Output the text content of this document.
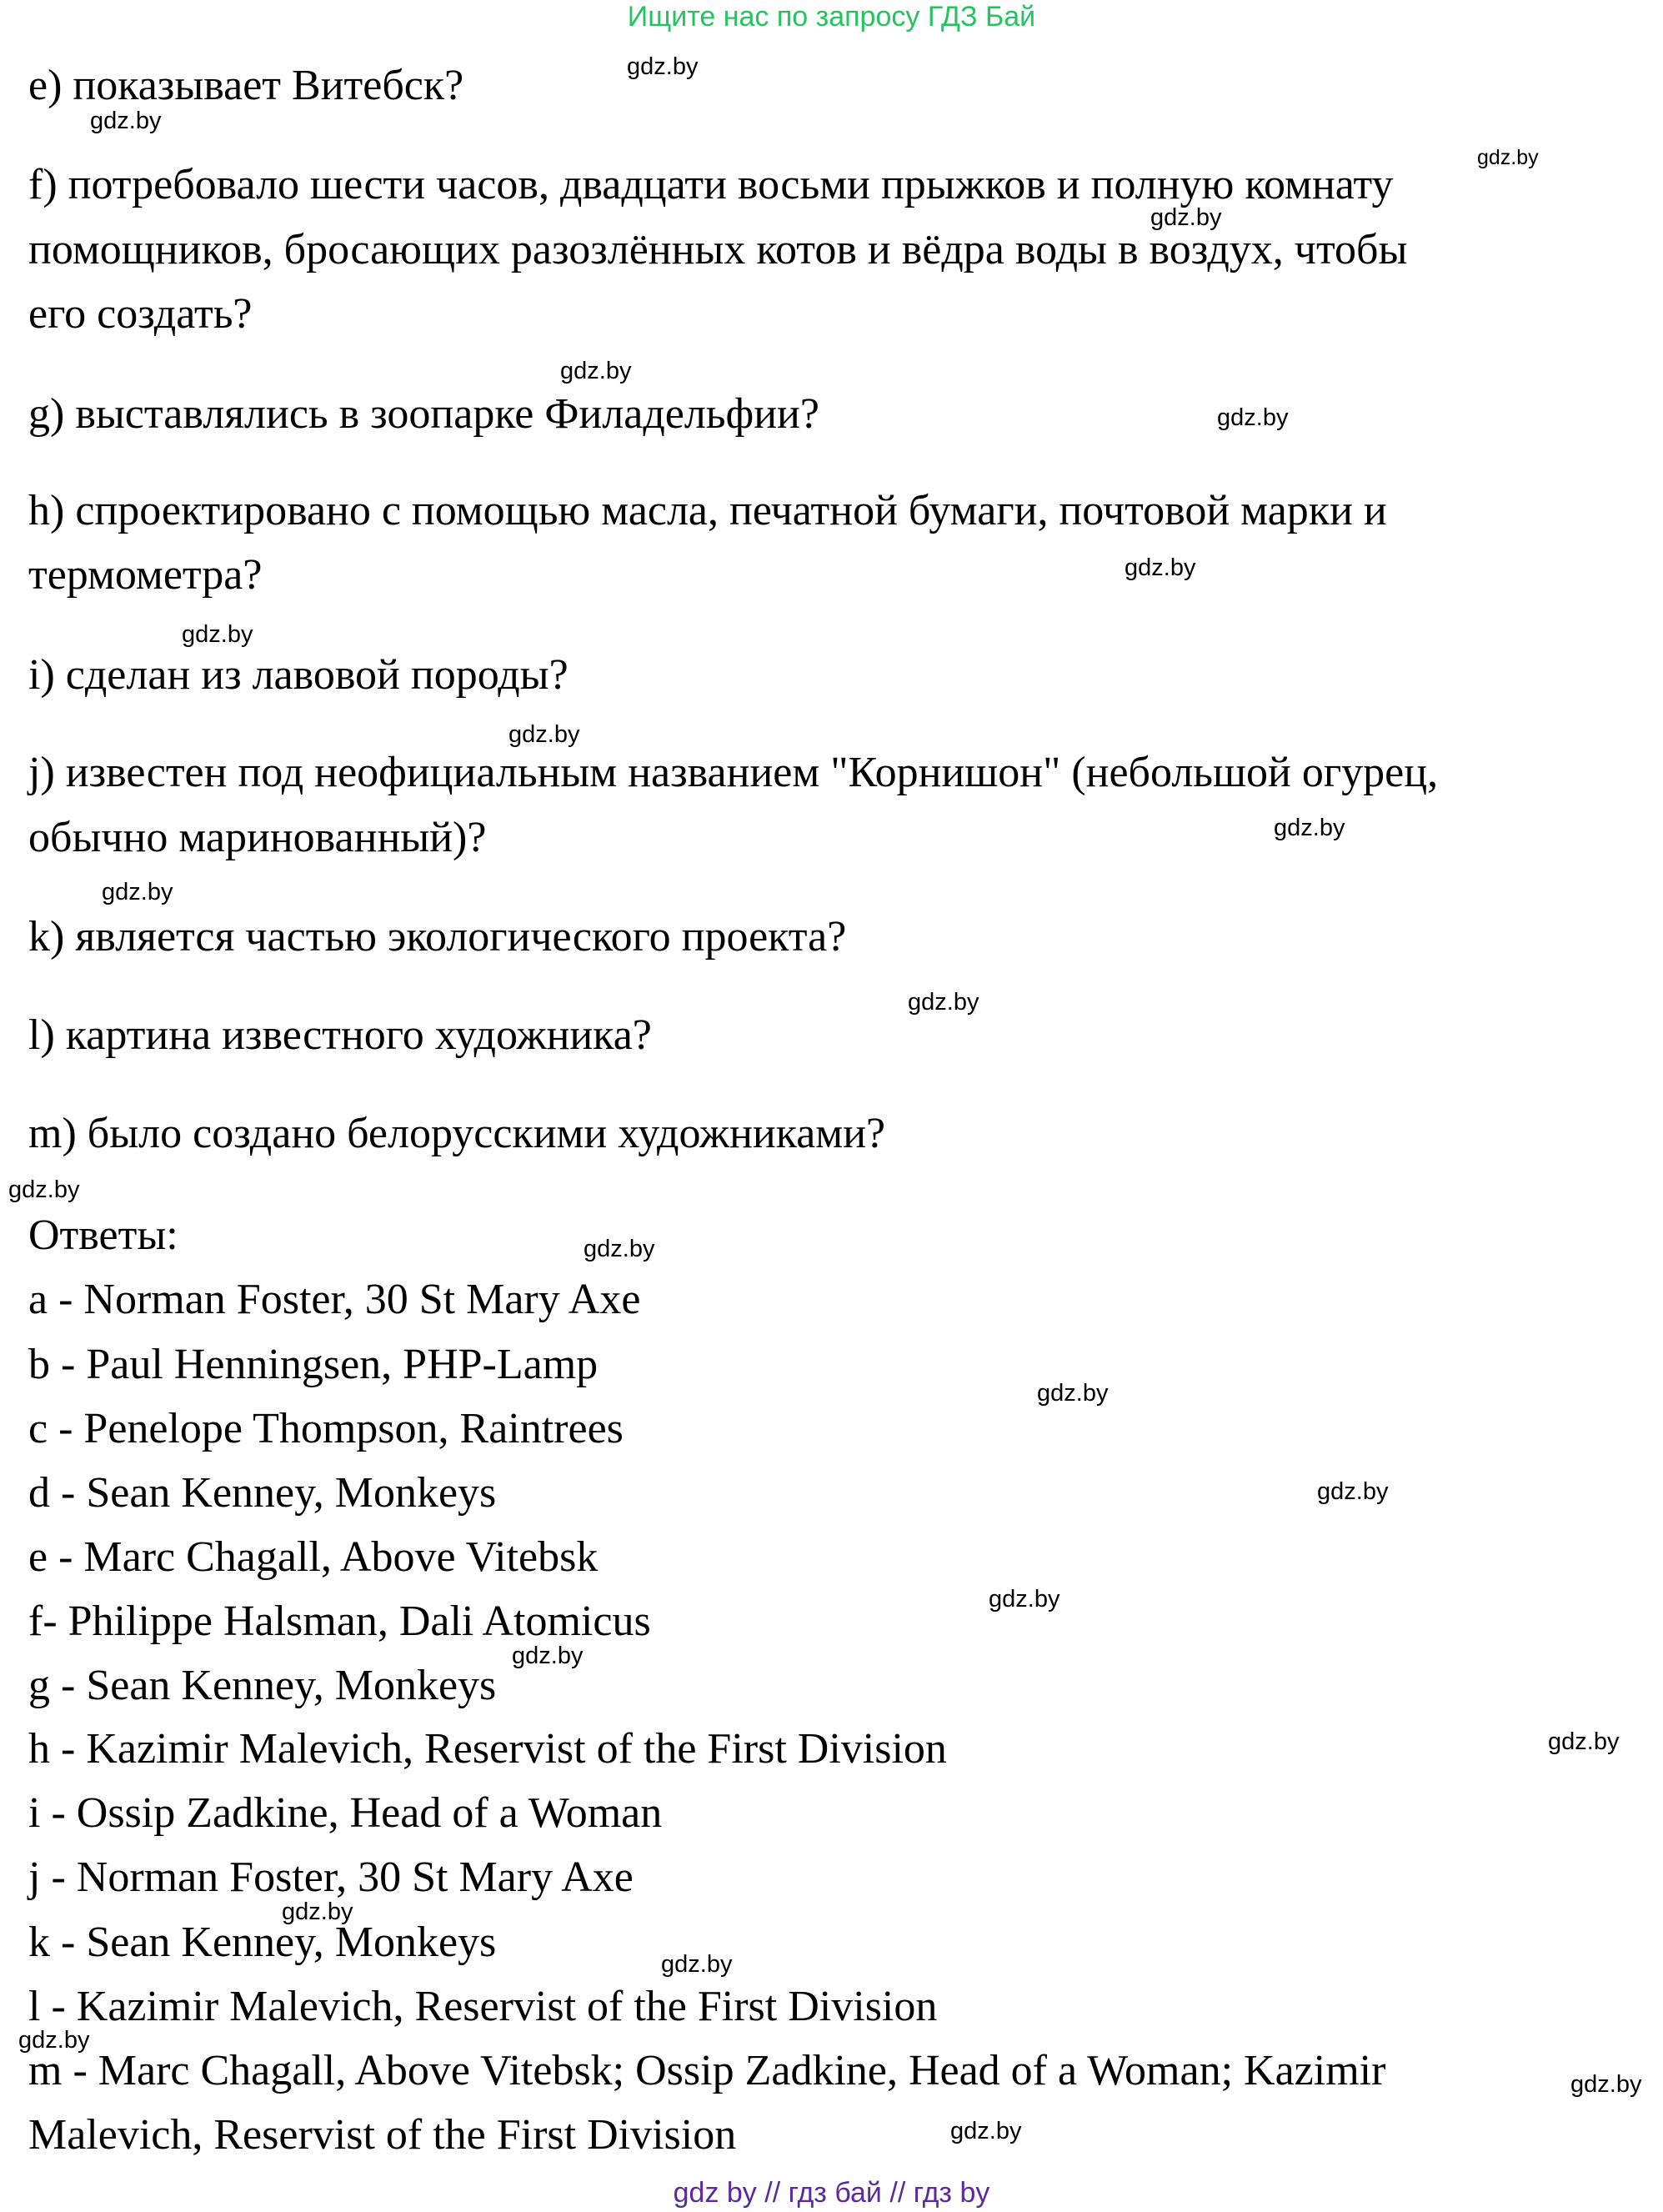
Ищите нас по запросу ГДЗ Бай
e) показывает Витебск?
f) потребовало шести часов, двадцати восьми прыжков и полную комнату
помощников, бросающих разозлённых котов и вёдра воды в воздух, чтобы
его создать?
g) выставлялись в зоопарке Филадельфии?
h) спроектировано с помощью масла, печатной бумаги, почтовой марки и
термометра?
i) сделан из лавовой породы?
j) известен под неофициальным названием "Корнишон" (небольшой огурец,
обычно маринованный)?
k) является частью экологического проекта?
l) картина известного художника?
m) было создано белорусскими художниками?
Ответы:
a - Norman Foster, 30 St Mary Axe
b - Paul Henningsen, PHP-Lamp
c - Penelope Thompson, Raintrees
d - Sean Kenney, Monkeys
e - Marc Chagall, Above Vitebsk
f- Philippe Halsman, Dali Atomicus
g - Sean Kenney, Monkeys
h - Kazimir Malevich, Reservist of the First Division
i - Ossip Zadkine, Head of a Woman
j - Norman Foster, 30 St Mary Axe
k - Sean Kenney, Monkeys
l - Kazimir Malevich, Reservist of the First Division
m - Marc Chagall, Above Vitebsk; Ossip Zadkine, Head of a Woman; Kazimir
Malevich, Reservist of the First Division
gdz.by
gdz.by
gdz.by
gdz.by
gdz.by
gdz.by
gdz.by
gdz.by
gdz.by
gdz.by
gdz.by
gdz.by
gdz.by
gdz.by
gdz.by
gdz.by
gdz.by
gdz.by
gdz.by
gdz.by
gdz.by
gdz.by
gdz.by
gdz.by
gdz by // гдз бай // гдз by
